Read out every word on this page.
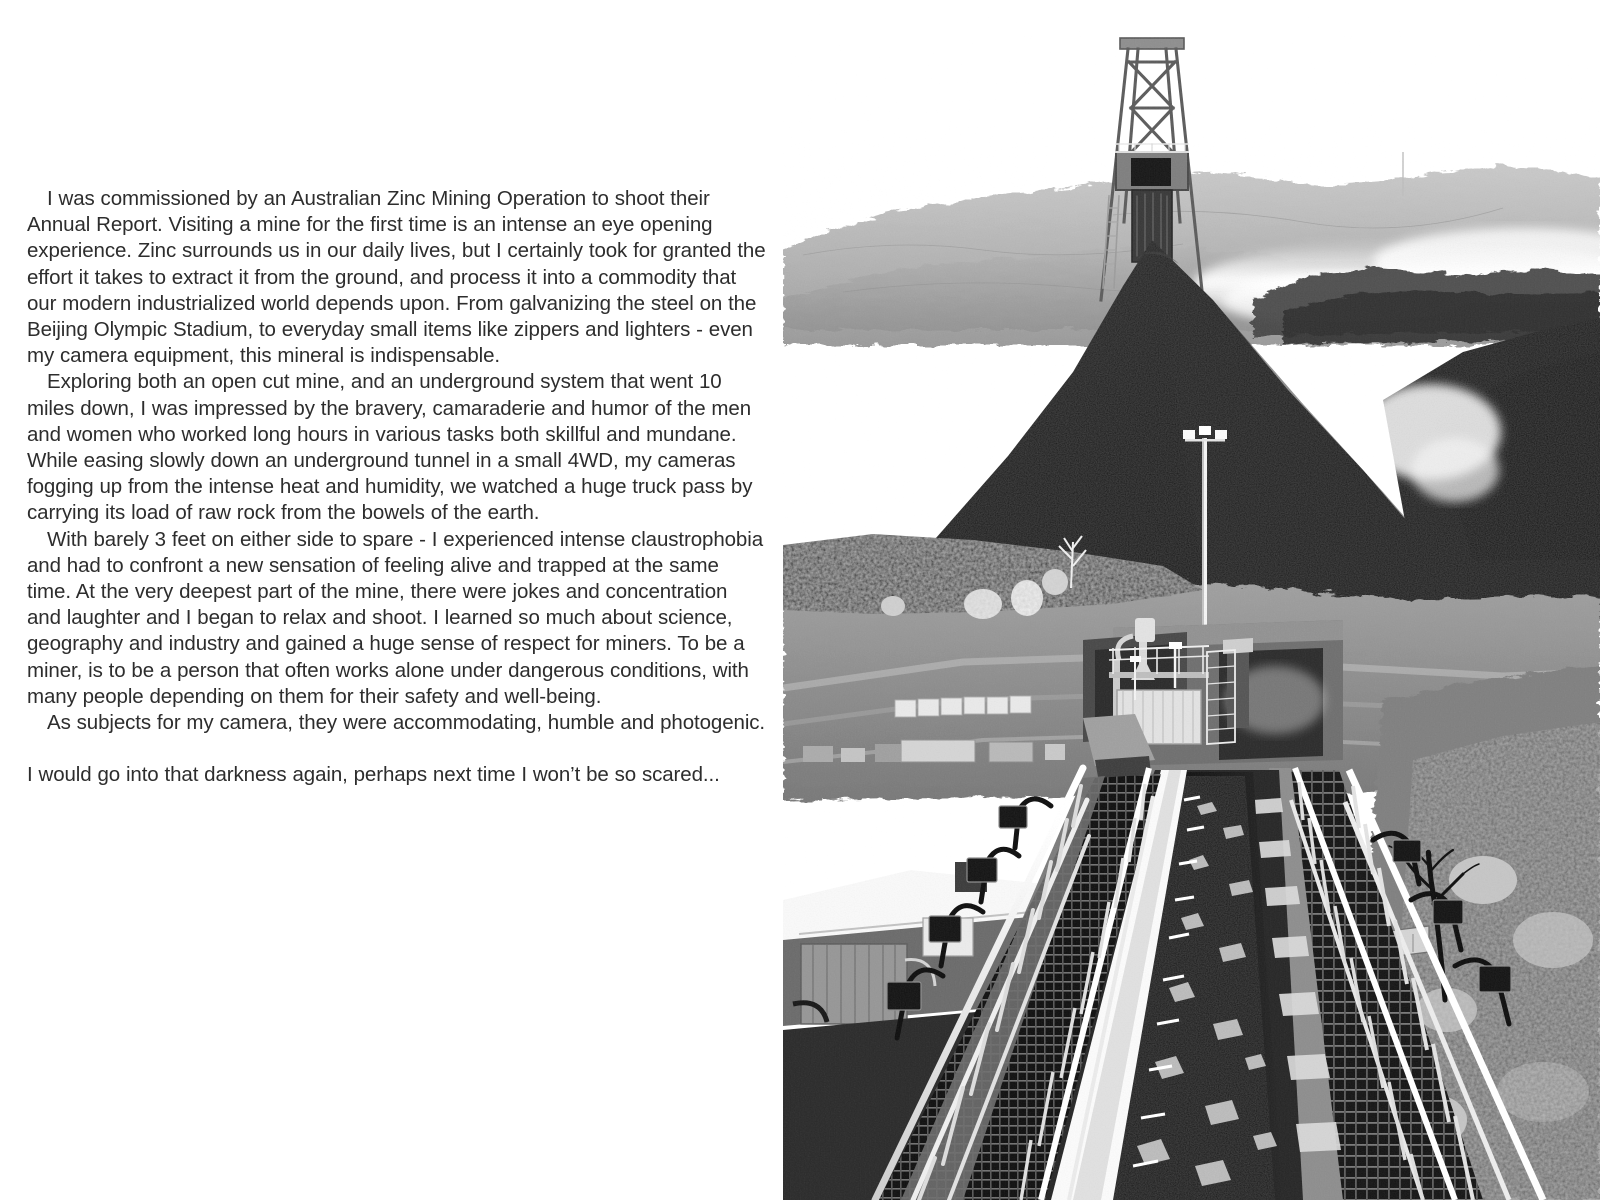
I was commissioned by an Australian Zinc Mining Operation to shoot their Annual Report. Visiting a mine for the first time is an intense an eye opening experience. Zinc surrounds us in our daily lives, but I certainly took for granted the effort it takes to extract it from the ground, and process it into a commodity that our modern industrialized world depends upon. From galvanizing the steel on the Beijing Olympic Stadium, to everyday small items like zippers and lighters - even my camera equipment, this mineral is indispensable.

Exploring both an open cut mine, and an underground system that went 10 miles down, I was impressed by the bravery, camaraderie and humor of the men and women who worked long hours in various tasks both skillful and mundane. While easing slowly down an underground tunnel in a small 4WD, my cameras fogging up from the intense heat and humidity, we watched a huge truck pass by carrying its load of raw rock from the bowels of the earth.

With barely 3 feet on either side to spare - I experienced intense claustrophobia and had to confront a new sensation of feeling alive and trapped at the same time. At the very deepest part of the mine, there were jokes and concentration and laughter and I began to relax and shoot. I learned so much about science, geography and industry and gained a huge sense of respect for miners. To be a miner, is to be a person that often works alone under dangerous conditions, with many people depending on them for their safety and well-being.

As subjects for my camera, they were accommodating, humble and photogenic.

I would go into that darkness again, perhaps next time I won’t be so scared...
